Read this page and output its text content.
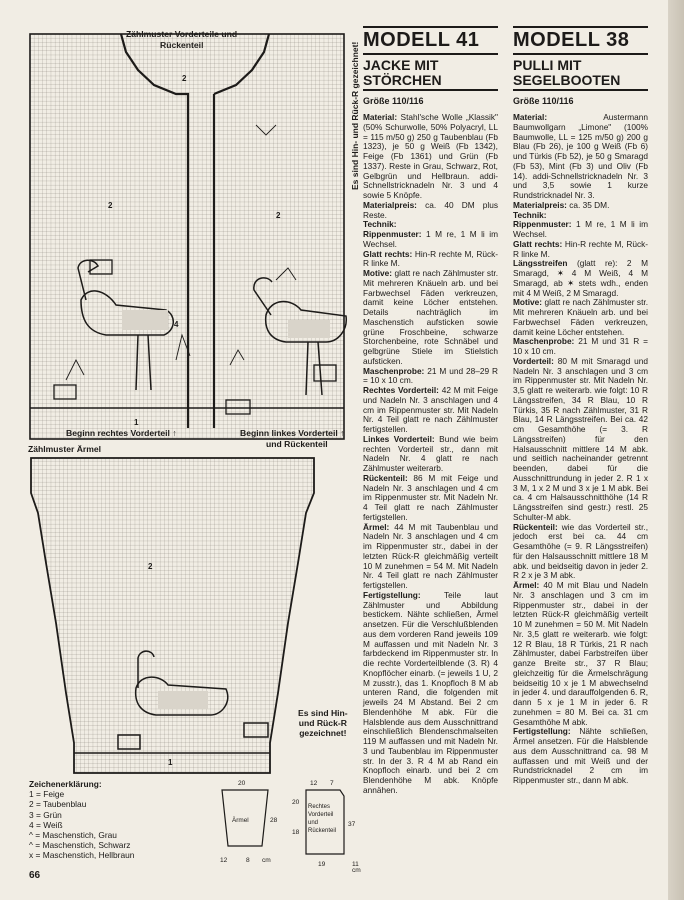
2
2
2
1
4
Es sind Hin- und Rück-R gezeichnet!
Beginn rechtes Vorderteil ↑	Beginn linkes Vorderteil ↑
und Rückenteil
Zählmuster Ärmel
2
1
Es sind Hin-
und Rück-R
gezeichnet!
Zeichenerklärung:
1 = Feige
2 = Taubenblau
3 = Grün
4 = Weiß
^ = Maschenstich, Grau
^ = Maschenstich, Schwarz
x = Maschenstich, Hellbraun
Ärmel
20
28
12	8 cm
Rechtes
Vorderteil
und
Rückenteil
12 7
20
18
37
19	11
cm
66
MODELL 41
JACKE MIT
STÖRCHEN
Größe 110/116
Material: Stahl'sche Wolle „Klassik" (50% Schurwolle, 50% Polyacryl, LL = 115 m/50 g) 250 g Taubenblau (Fb 1323), je 50 g Weiß (Fb 1342), Feige (Fb 1361) und Grün (Fb 1337). Reste in Grau, Schwarz, Rot, Gelbgrün und Hellbraun. addi-Schnellstricknadeln Nr. 3 und 4 sowie 5 Knöpfe.
Materialpreis: ca. 40 DM plus Reste.
Technik:
Rippenmuster: 1 M re, 1 M li im Wechsel.
Glatt rechts: Hin-R rechte M, Rück-R linke M.
Motive: glatt re nach Zählmuster str. Mit mehreren Knäueln arb. und bei Farbwechsel Fäden verkreuzen, damit keine Löcher entstehen. Details nachträglich im Maschenstich aufsticken sowie grüne Froschbeine, schwarze Storchenbeine, rote Schnäbel und gelbgrüne Stiele im Stielstich aufsticken.
Maschenprobe: 21 M und 28–29 R = 10 x 10 cm.
Rechtes Vorderteil: 42 M mit Feige und Nadeln Nr. 3 anschlagen und 4 cm im Rippenmuster str. Mit Nadeln Nr. 4 Teil glatt re nach Zählmuster fertigstellen.
Linkes Vorderteil: Bund wie beim rechten Vorderteil str., dann mit Nadeln Nr. 4 glatt re nach Zählmuster weiterarb.
Rückenteil: 86 M mit Feige und Nadeln Nr. 3 anschlagen und 4 cm im Rippenmuster str. Mit Nadeln Nr. 4 Teil glatt re nach Zählmuster fertigstellen.
Ärmel: 44 M mit Taubenblau und Nadeln Nr. 3 anschlagen und 4 cm im Rippenmuster str., dabei in der letzten Rück-R gleichmäßig verteilt 10 M zunehmen = 54 M. Mit Nadeln Nr. 4 Teil glatt re nach Zählmuster fertigstellen.
Fertigstellung: Teile laut Zählmuster und Abbildung bestickem. Nähte schließen, Ärmel ansetzen. Für die Verschlußblenden aus dem vorderen Rand jeweils 109 M auffassen und mit Nadeln Nr. 3 farbdeckend im Rippenmuster str. In die rechte Vorderteilblende (3. R) 4 Knopflöcher einarb. (= jeweils 1 U, 2 M zusstr.), das 1. Knopfloch 8 M ab unteren Rand, die folgenden mit jeweils 24 M Abstand. Bei 2 cm Blendenhöhe M abk. Für die Halsblende aus dem Ausschnittrand einschließlich Blendenschmalseiten 119 M auffassen und mit Nadeln Nr. 3 und Taubenblau im Rippenmuster str. In der 3. R 4 M ab Rand ein Knopfloch einarb. und bei 2 cm Blendenhöhe M abk. Knöpfe annähen.
MODELL 38
PULLI MIT
SEGELBOOTEN
Größe 110/116
Material: Austermann Baumwollgarn „Limone" (100% Baumwolle, LL = 125 m/50 g) 200 g Blau (Fb 26), je 100 g Weiß (Fb 6) und Türkis (Fb 52), je 50 g Smaragd (Fb 53), Mint (Fb 3) und Oliv (Fb 14). addi-Schnellstricknadeln Nr. 3 und 3,5 sowie 1 kurze Rundstricknadel Nr. 3.
Materialpreis: ca. 35 DM.
Technik:
Rippenmuster: 1 M re, 1 M li im Wechsel.
Glatt rechts: Hin-R rechte M, Rück-R linke M.
Längsstreifen (glatt re): 2 M Smaragd, ✶ 4 M Weiß, 4 M Smaragd, ab ✶ stets wdh., enden mit 4 M Weiß, 2 M Smaragd.
Motive: glatt re nach Zählmuster str. Mit mehreren Knäueln arb. und bei Farbwechsel Fäden verkreuzen, damit keine Löcher entstehen.
Maschenprobe: 21 M und 31 R = 10 x 10 cm.
Vorderteil: 80 M mit Smaragd und Nadeln Nr. 3 anschlagen und 3 cm im Rippenmuster str. Mit Nadeln Nr. 3,5 glatt re weiterarb. wie folgt: 10 R Längsstreifen, 34 R Blau, 10 R Türkis, 35 R nach Zählmuster, 31 R Blau, 14 R Längsstreifen. Bei ca. 42 cm Gesamthöhe (= 3. R Längsstreifen) für den Halsausschnitt mittlere 14 M abk. und seitlich nacheinander getrennt beenden, dabei für die Ausschnittrundung in jeder 2. R 1 x 3 M, 1 x 2 M und 3 x je 1 M abk. Bei ca. 4 cm Halsausschnitthöhe (14 R Längsstreifen sind gestr.) restl. 25 Schulter-M abk.
Rückenteil: wie das Vorderteil str., jedoch erst bei ca. 44 cm Gesamthöhe (= 9. R Längsstreifen) für den Halsausschnitt mittlere 18 M abk. und beidseitig davon in jeder 2. R 2 x je 3 M abk.
Ärmel: 40 M mit Blau und Nadeln Nr. 3 anschlagen und 3 cm im Rippenmuster str., dabei in der letzten Rück-R gleichmäßig verteilt 10 M zunehmen = 50 M. Mit Nadeln Nr. 3,5 glatt re weiterarb. wie folgt: 12 R Blau, 18 R Türkis, 21 R nach Zählmuster, dabei Farbstreifen über ganze Breite str., 37 R Blau; gleichzeitig für die Ärmelschrägung beidseitig 10 x je 1 M abwechselnd in jeder 4. und darauffolgenden 6. R, dann 5 x je 1 M in jeder 6. R zunehmen = 80 M. Bei ca. 31 cm Gesamthöhe M abk.
Fertigstellung: Nähte schließen, Ärmel ansetzen. Für die Halsblende aus dem Ausschnittrand ca. 98 M auffassen und mit Weiß und der Rundstricknadel 2 cm im Rippenmuster str., dann M abk.
